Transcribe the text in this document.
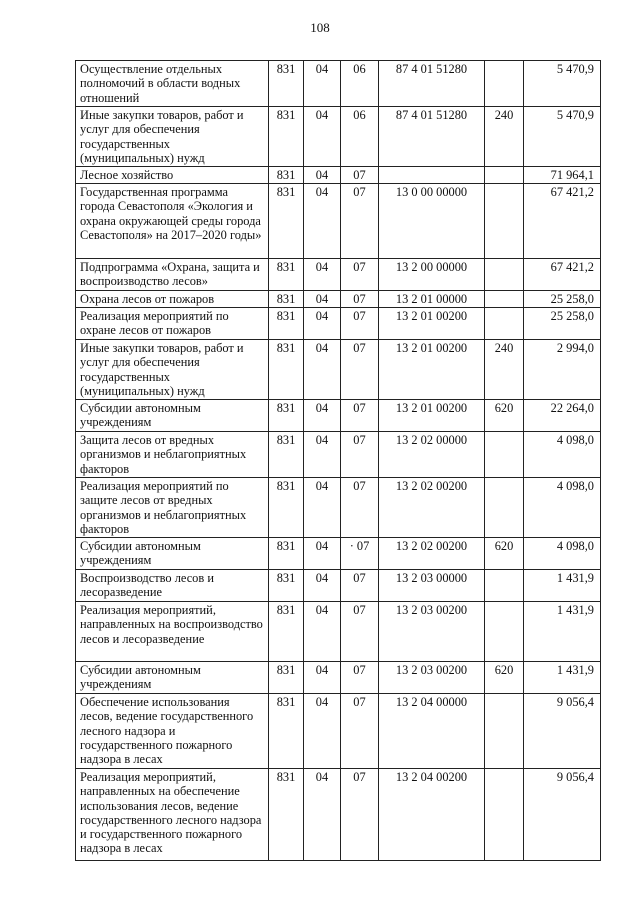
108
Осуществление отдельных полномочий в области водных отношений	831	04	06	87 4 01 51280		5 470,9
Иные закупки товаров, работ и услуг для обеспечения государственных (муниципальных) нужд	831	04	06	87 4 01 51280	240	5 470,9
Лесное хозяйство	831	04	07			71 964,1
Государственная программа города Севастополя «Экология и охрана окружающей среды города Севастополя» на 2017–2020 годы»	831	04	07	13 0 00 00000		67 421,2
Подпрограмма «Охрана, защита и воспроизводство лесов»	831	04	07	13 2 00 00000		67 421,2
Охрана лесов от пожаров	831	04	07	13 2 01 00000		25 258,0
Реализация мероприятий по охране лесов от пожаров	831	04	07	13 2 01 00200		25 258,0
Иные закупки товаров, работ и услуг для обеспечения государственных (муниципальных) нужд	831	04	07	13 2 01 00200	240	2 994,0
Субсидии автономным учреждениям	831	04	07	13 2 01 00200	620	22 264,0
Защита лесов от вредных организмов и неблагоприятных факторов	831	04	07	13 2 02 00000		4 098,0
Реализация мероприятий по защите лесов от вредных организмов и неблагоприятных факторов	831	04	07	13 2 02 00200		4 098,0
Субсидии автономным учреждениям	831	04	· 07	13 2 02 00200	620	4 098,0
Воспроизводство лесов и лесоразведение	831	04	07	13 2 03 00000		1 431,9
Реализация мероприятий, направленных на воспроизводство лесов и лесоразведение	831	04	07	13 2 03 00200		1 431,9
Субсидии автономным учреждениям	831	04	07	13 2 03 00200	620	1 431,9
Обеспечение использования лесов, ведение государственного лесного надзора и государственного пожарного надзора в лесах	831	04	07	13 2 04 00000		9 056,4
Реализация мероприятий, направленных на обеспечение использования лесов, ведение государственного лесного надзора и государственного пожарного надзора в лесах	831	04	07	13 2 04 00200		9 056,4
